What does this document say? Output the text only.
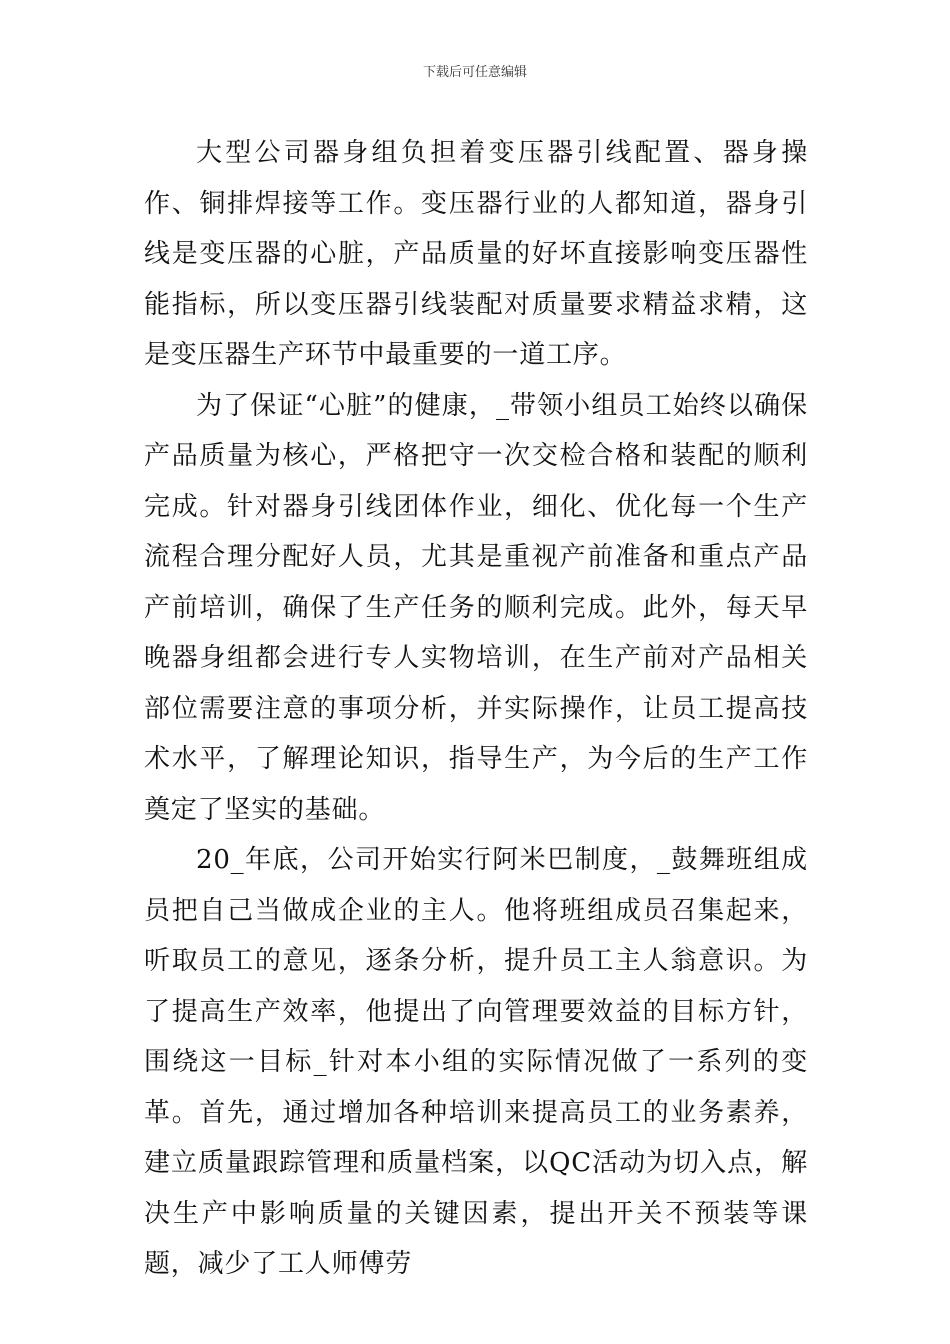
下载后可任意编辑

大型公司器身组负担着变压器引线配置、器身操作、铜排焊接等工作。变压器行业的人都知道，器身引线是变压器的心脏，产品质量的好坏直接影响变压器性能指标，所以变压器引线装配对质量要求精益求精，这是变压器生产环节中最重要的一道工序。

为了保证“心脏”的健康，_带领小组员工始终以确保产品质量为核心，严格把守一次交检合格和装配的顺利完成。针对器身引线团体作业，细化、优化每一个生产流程合理分配好人员，尤其是重视产前准备和重点产品产前培训，确保了生产任务的顺利完成。此外，每天早晚器身组都会进行专人实物培训，在生产前对产品相关部位需要注意的事项分析，并实际操作，让员工提高技术水平，了解理论知识，指导生产，为今后的生产工作奠定了坚实的基础。

20_年底，公司开始实行阿米巴制度，_鼓舞班组成员把自己当做成企业的主人。他将班组成员召集起来，听取员工的意见，逐条分析，提升员工主人翁意识。为了提高生产效率，他提出了向管理要效益的目标方针，围绕这一目标_针对本小组的实际情况做了一系列的变革。首先，通过增加各种培训来提高员工的业务素养，建立质量跟踪管理和质量档案，以QC活动为切入点，解决生产中影响质量的关键因素，提出开关不预装等课题，减少了工人师傅劳
